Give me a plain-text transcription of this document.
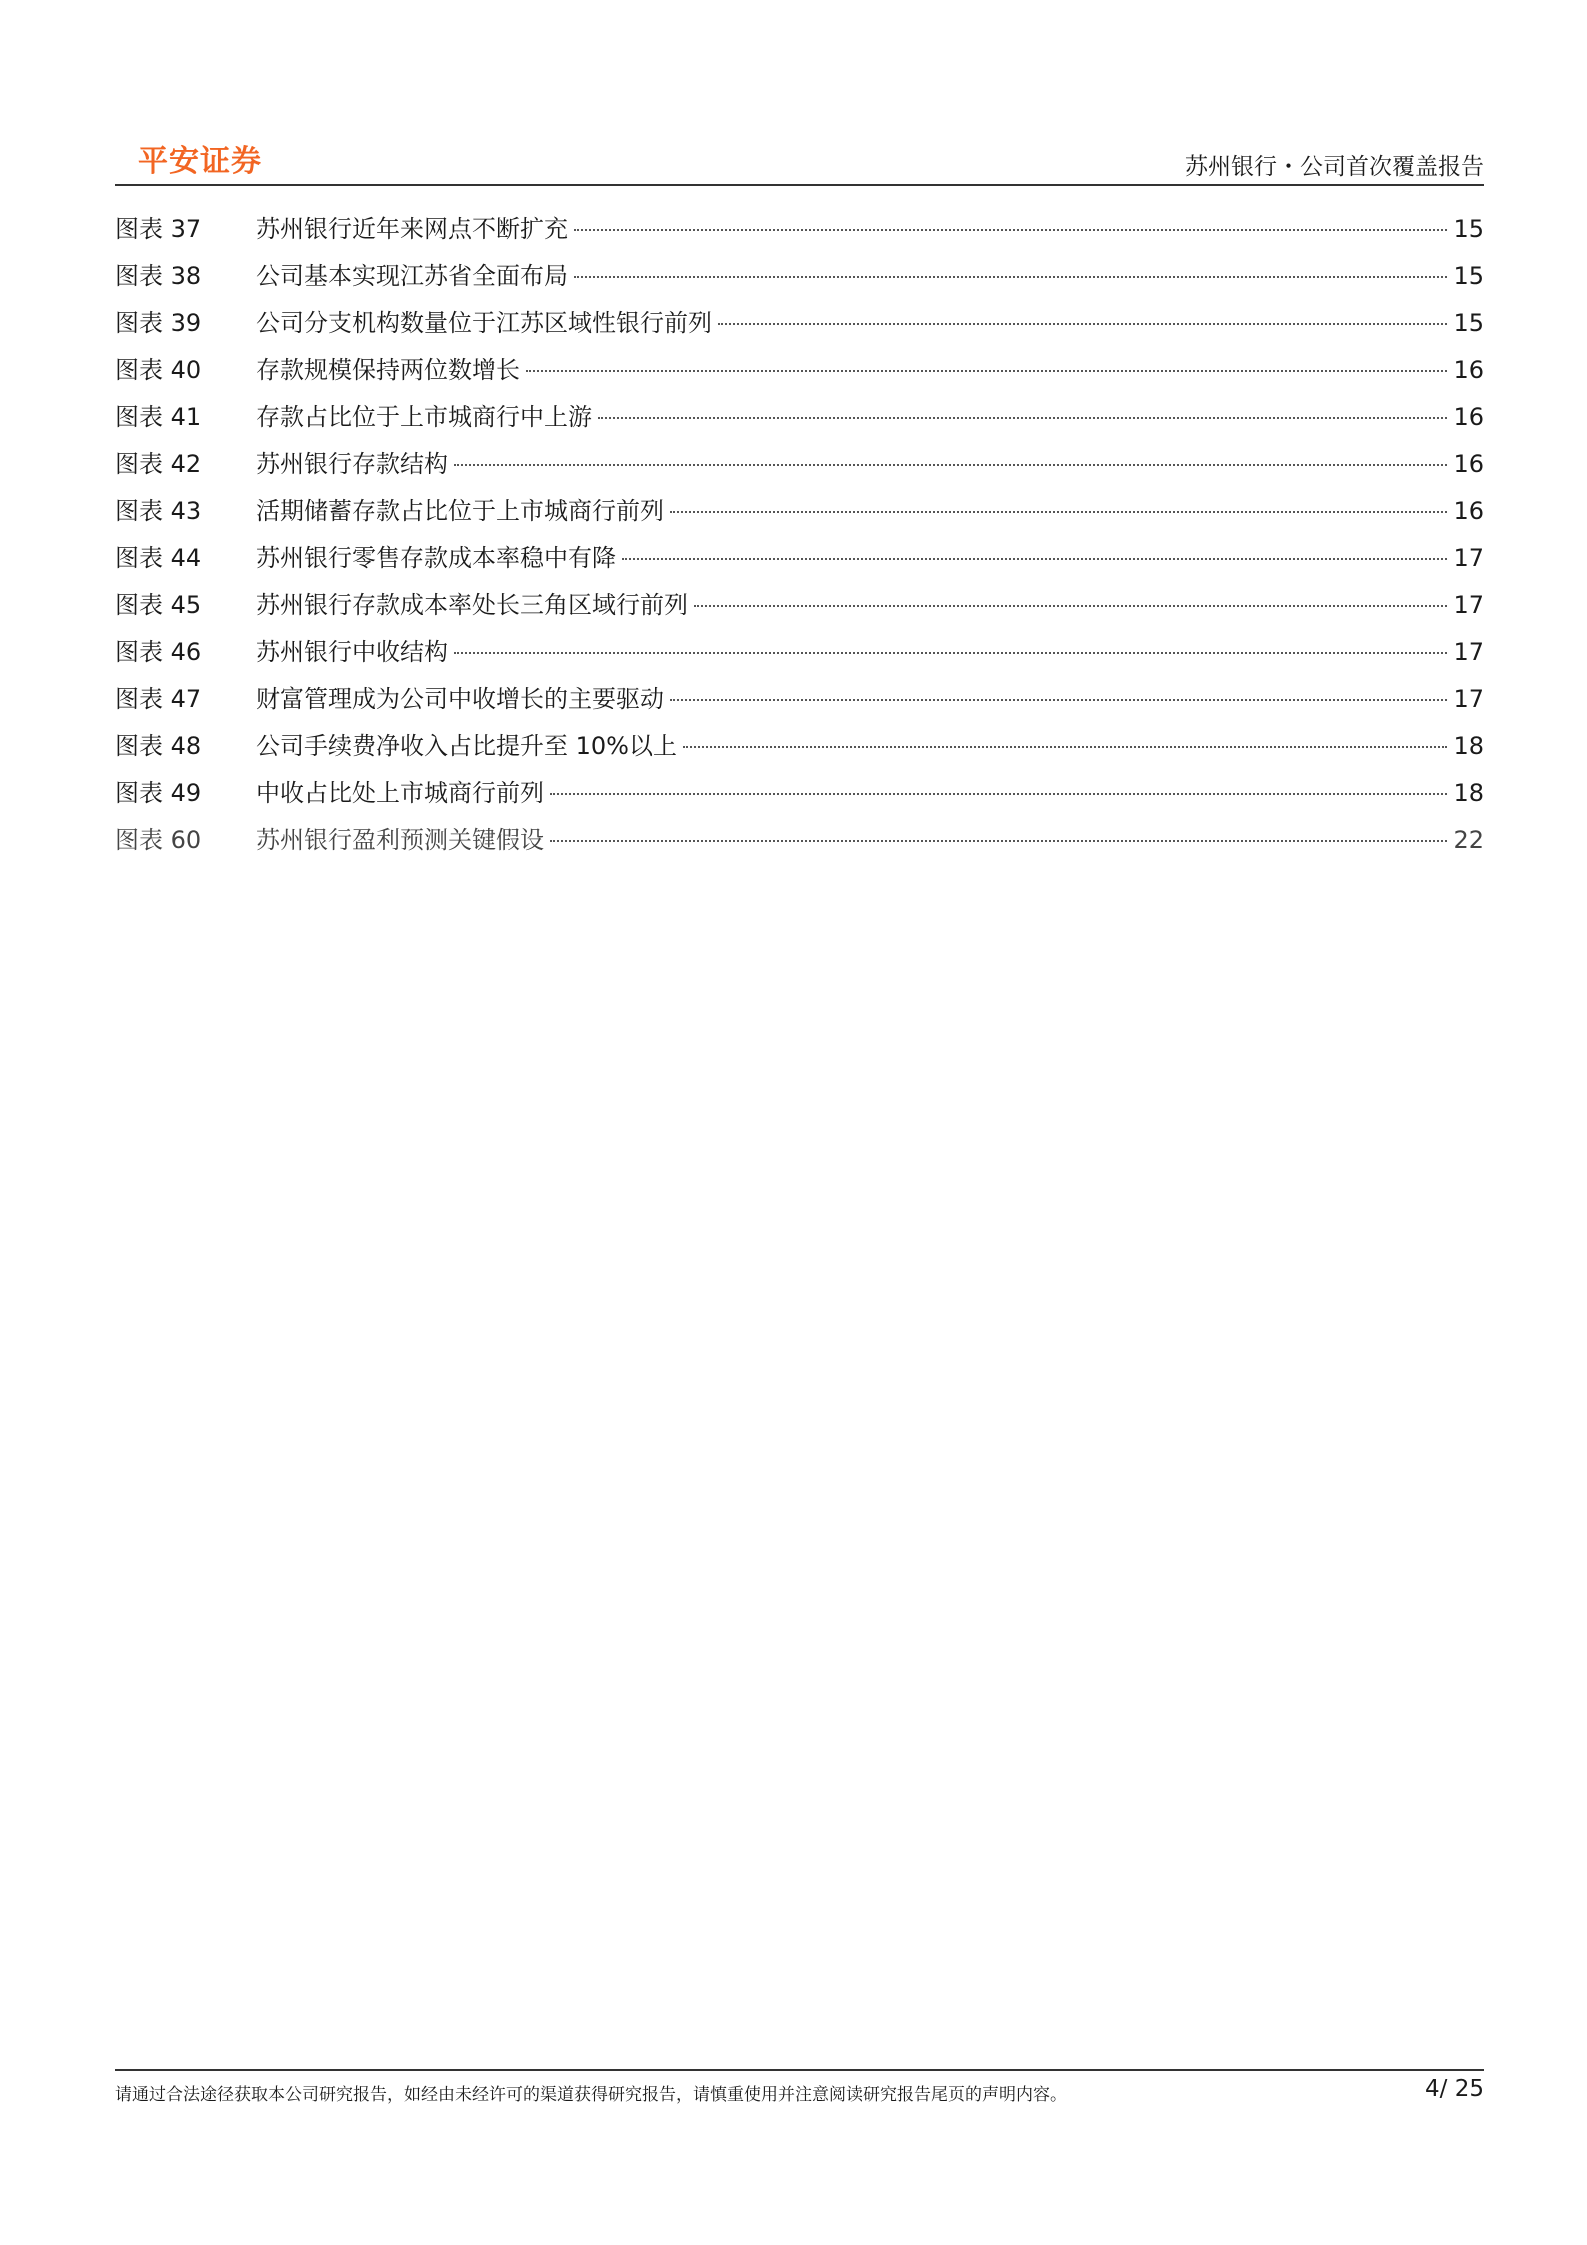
平安证券	苏州银行・公司首次覆盖报告
图表 37	苏州银行近年来网点不断扩充	15
图表 38	公司基本实现江苏省全面布局	15
图表 39	公司分支机构数量位于江苏区域性银行前列	15
图表 40	存款规模保持两位数增长	16
图表 41	存款占比位于上市城商行中上游	16
图表 42	苏州银行存款结构	16
图表 43	活期储蓄存款占比位于上市城商行前列	16
图表 44	苏州银行零售存款成本率稳中有降	17
图表 45	苏州银行存款成本率处长三角区域行前列	17
图表 46	苏州银行中收结构	17
图表 47	财富管理成为公司中收增长的主要驱动	17
图表 48	公司手续费净收入占比提升至 10%以上	18
图表 49	中收占比处上市城商行前列	18
图表 60	苏州银行盈利预测关键假设	22
请通过合法途径获取本公司研究报告，如经由未经许可的渠道获得研究报告，请慎重使用并注意阅读研究报告尾页的声明内容。	4/ 25
